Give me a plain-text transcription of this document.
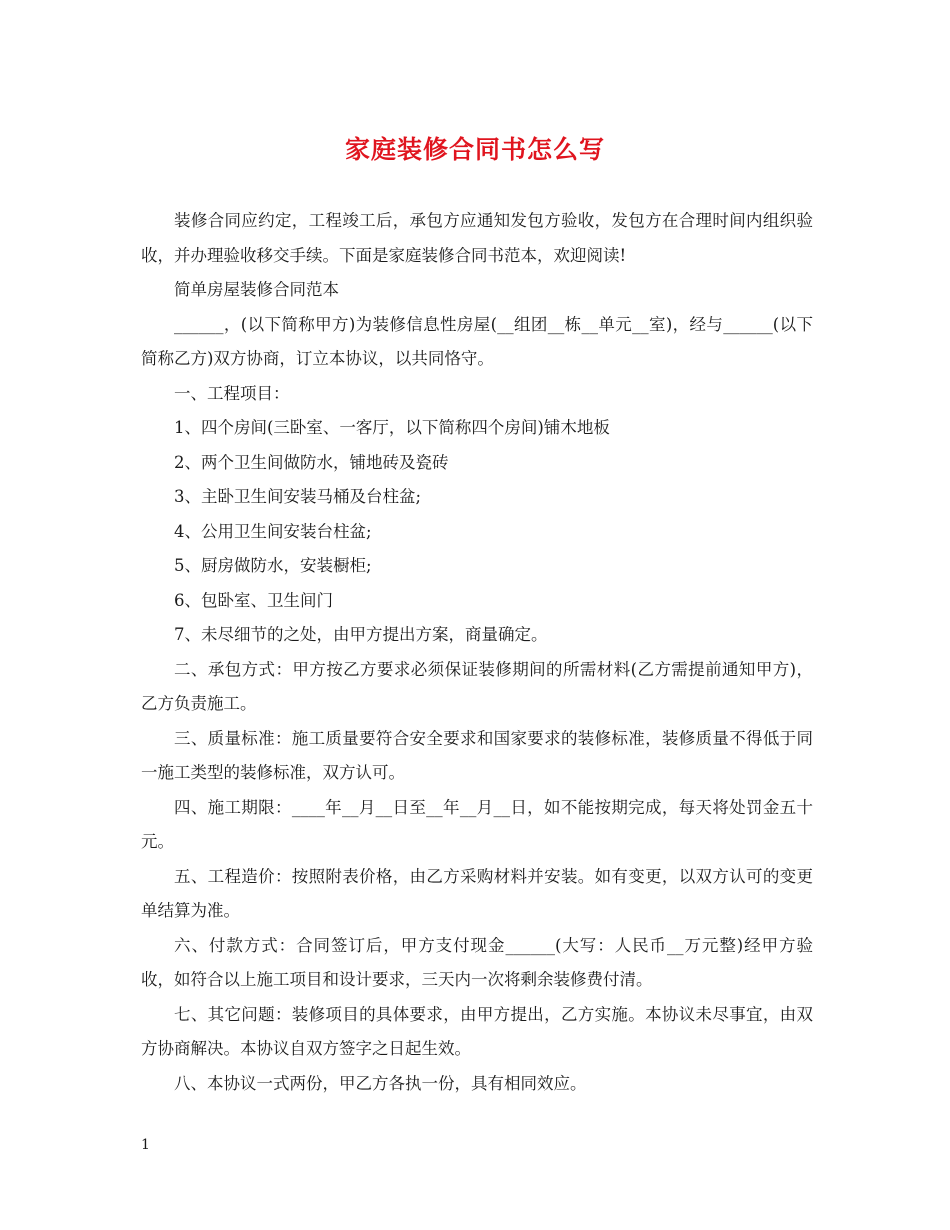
家庭装修合同书怎么写

装修合同应约定，工程竣工后，承包方应通知发包方验收，发包方在合理时间内组织验收，并办理验收移交手续。下面是家庭装修合同书范本，欢迎阅读!

简单房屋装修合同范本

______，(以下简称甲方)为装修信息性房屋(__组团__栋__单元__室)，经与______(以下简称乙方)双方协商，订立本协议，以共同恪守。

一、工程项目：

1、四个房间(三卧室、一客厅，以下简称四个房间)铺木地板

2、两个卫生间做防水，铺地砖及瓷砖

3、主卧卫生间安装马桶及台柱盆;

4、公用卫生间安装台柱盆;

5、厨房做防水，安装橱柜;

6、包卧室、卫生间门

7、未尽细节的之处，由甲方提出方案，商量确定。

二、承包方式：甲方按乙方要求必须保证装修期间的所需材料(乙方需提前通知甲方)，乙方负责施工。

三、质量标准：施工质量要符合安全要求和国家要求的装修标准，装修质量不得低于同一施工类型的装修标准，双方认可。

四、施工期限：____年__月__日至__年__月__日，如不能按期完成，每天将处罚金五十元。

五、工程造价：按照附表价格，由乙方采购材料并安装。如有变更，以双方认可的变更单结算为准。

六、付款方式：合同签订后，甲方支付现金______(大写：人民币__万元整)经甲方验收，如符合以上施工项目和设计要求，三天内一次将剩余装修费付清。

七、其它问题：装修项目的具体要求，由甲方提出，乙方实施。本协议未尽事宜，由双方协商解决。本协议自双方签字之日起生效。

八、本协议一式两份，甲乙方各执一份，具有相同效应。

1
